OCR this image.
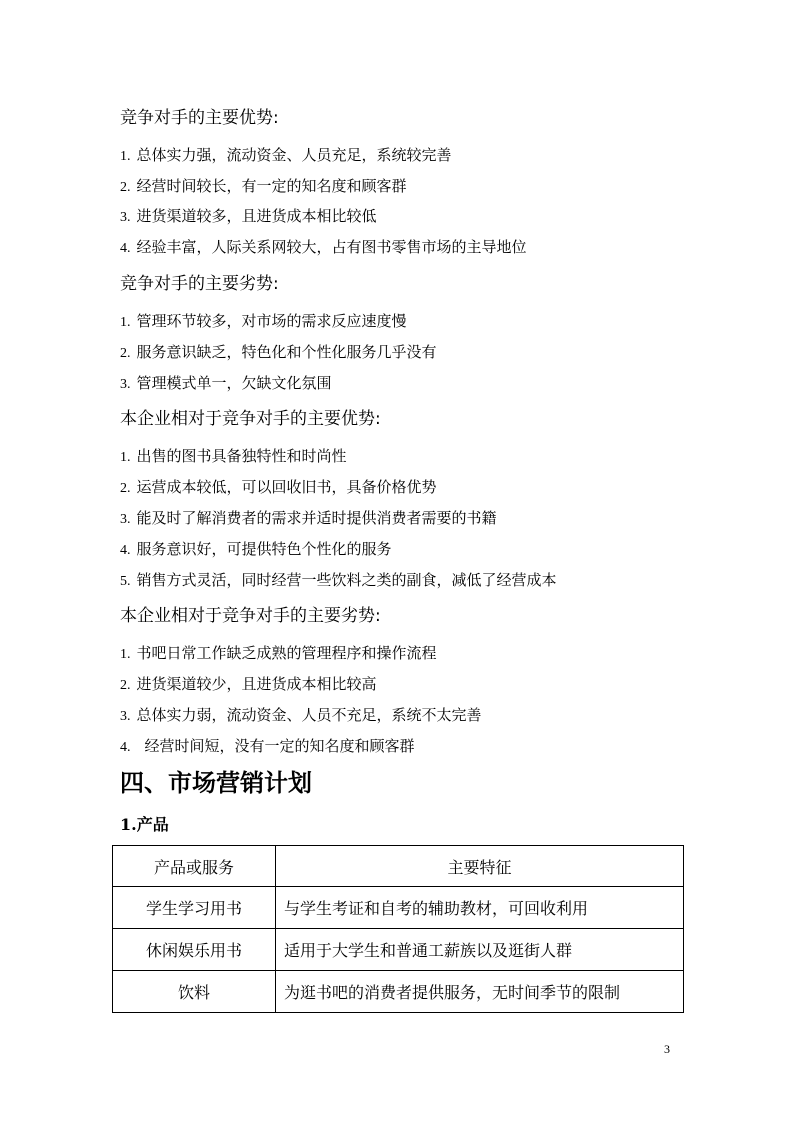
竞争对手的主要优势:
1. 总体实力强，流动资金、人员充足，系统较完善
2. 经营时间较长，有一定的知名度和顾客群
3. 进货渠道较多，且进货成本相比较低
4. 经验丰富，人际关系网较大，占有图书零售市场的主导地位
竞争对手的主要劣势:
1. 管理环节较多，对市场的需求反应速度慢
2. 服务意识缺乏，特色化和个性化服务几乎没有
3. 管理模式单一，欠缺文化氛围
本企业相对于竞争对手的主要优势:
1. 出售的图书具备独特性和时尚性
2. 运营成本较低，可以回收旧书，具备价格优势
3. 能及时了解消费者的需求并适时提供消费者需要的书籍
4. 服务意识好，可提供特色个性化的服务
5. 销售方式灵活，同时经营一些饮料之类的副食，减低了经营成本
本企业相对于竞争对手的主要劣势:
1. 书吧日常工作缺乏成熟的管理程序和操作流程
2. 进货渠道较少，且进货成本相比较高
3. 总体实力弱，流动资金、人员不充足，系统不太完善
4. 经营时间短，没有一定的知名度和顾客群
四、市场营销计划
1.产品
产品或服务	主要特征
学生学习用书	与学生考证和自考的辅助教材，可回收利用
休闲娱乐用书	适用于大学生和普通工薪族以及逛街人群
饮料	为逛书吧的消费者提供服务，无时间季节的限制
3
